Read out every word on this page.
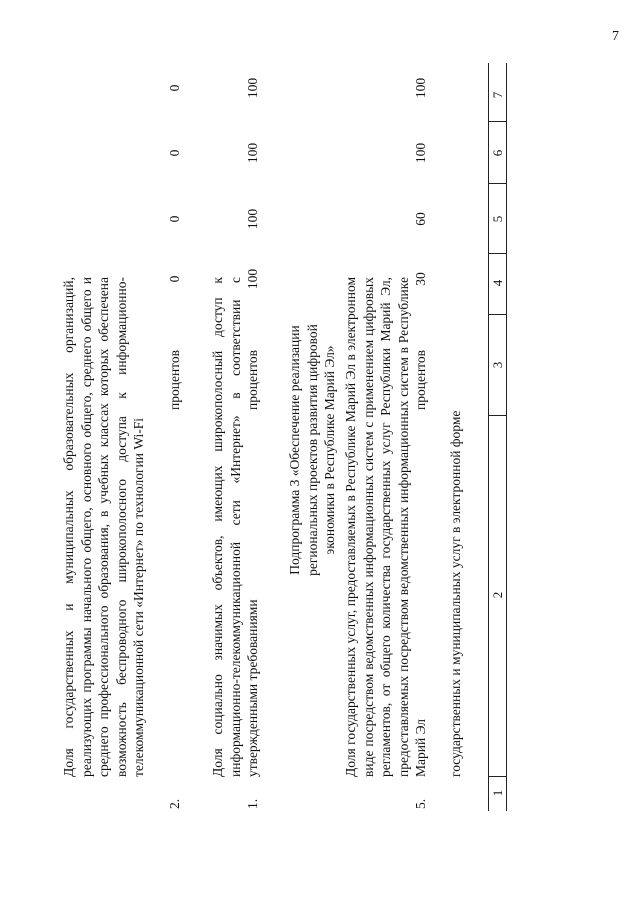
7
1
2
3
4
5
6
7
государственных и муниципальных услуг в электронной форме
5.
Доля государственных услуг, предоставляемых в Республике Марий Эл в электронном виде посредством ведомственных информационных систем с применением цифровых регламентов, от общего количества государственных услуг Республики Марий Эл, предоставляемых посредством ведомственных информационных систем в Республике Марий Эл
процентов
30
60
100
100
Подпрограмма 3 «Обеспечение реализации региональных проектов развития цифровой экономики в Республике Марий Эл»
1.
Доля социально значимых объектов, имеющих широкополосный доступ к информационно-телекоммуникационной сети «Интернет» в соответствии с утвержденными требованиями
процентов
100
100
100
100
2.
Доля государственных и муниципальных образовательных организаций, реализующих программы начального общего, основного общего, среднего общего и среднего профессионального образования, в учебных классах которых обеспечена возможность беспроводного широкополосного доступа к информационно-телекоммуникационной сети «Интернет» по технологии Wi-Fi
процентов
0
0
0
0
